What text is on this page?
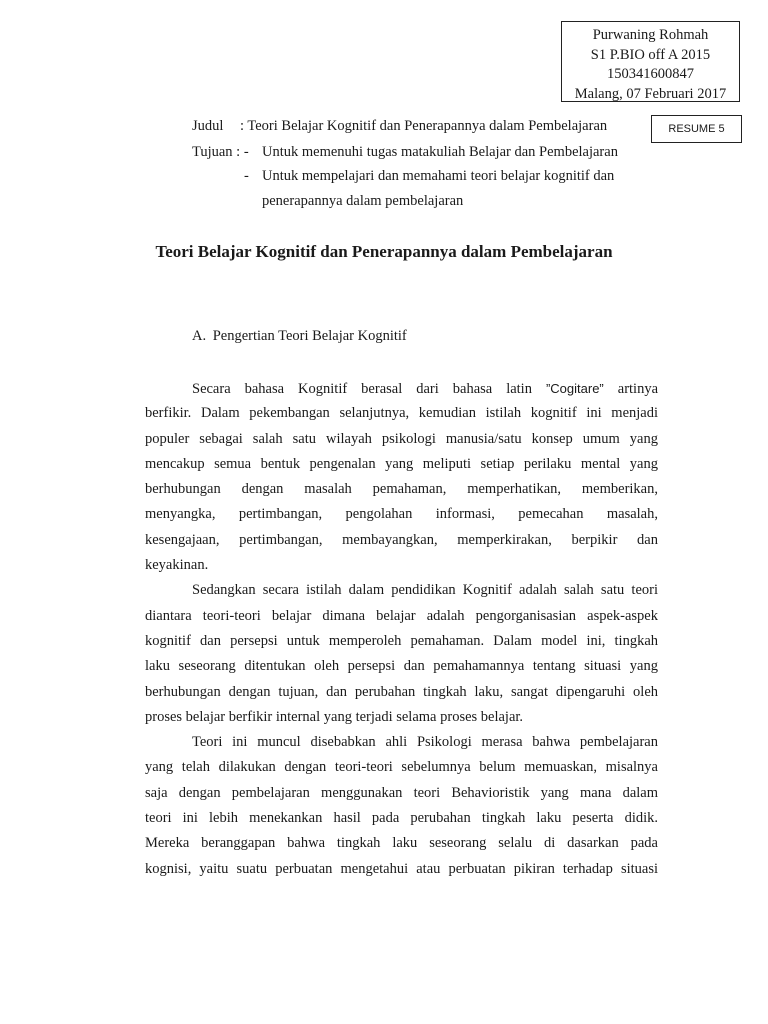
Purwaning Rohmah
S1 P.BIO off A 2015
150341600847
Malang, 07 Februari 2017
RESUME 5
Judul : Teori Belajar Kognitif dan Penerapannya dalam Pembelajaran
Tujuan : - Untuk memenuhi tugas matakuliah Belajar dan Pembelajaran
- Untuk mempelajari dan memahami teori belajar kognitif dan
penerapannya dalam pembelajaran
Teori Belajar Kognitif dan Penerapannya dalam Pembelajaran
A. Pengertian Teori Belajar Kognitif
Secara bahasa Kognitif berasal dari bahasa latin ”Cogitare” artinya
berfikir. Dalam pekembangan selanjutnya, kemudian istilah kognitif ini menjadi
populer sebagai salah satu wilayah psikologi manusia/satu konsep umum yang
mencakup semua bentuk pengenalan yang meliputi setiap perilaku mental yang
berhubungan dengan masalah pemahaman, memperhatikan, memberikan,
menyangka, pertimbangan, pengolahan informasi, pemecahan masalah,
kesengajaan, pertimbangan, membayangkan, memperkirakan, berpikir dan
keyakinan.
Sedangkan secara istilah dalam pendidikan Kognitif adalah salah satu teori
diantara teori-teori belajar dimana belajar adalah pengorganisasian aspek-aspek
kognitif dan persepsi untuk memperoleh pemahaman. Dalam model ini, tingkah
laku seseorang ditentukan oleh persepsi dan pemahamannya tentang situasi yang
berhubungan dengan tujuan, dan perubahan tingkah laku, sangat dipengaruhi oleh
proses belajar berfikir internal yang terjadi selama proses belajar.
Teori ini muncul disebabkan ahli Psikologi merasa bahwa pembelajaran
yang telah dilakukan dengan teori-teori sebelumnya belum memuaskan, misalnya
saja dengan pembelajaran menggunakan teori Behavioristik yang mana dalam
teori ini lebih menekankan hasil pada perubahan tingkah laku peserta didik.
Mereka beranggapan bahwa tingkah laku seseorang selalu di dasarkan pada
kognisi, yaitu suatu perbuatan mengetahui atau perbuatan pikiran terhadap situasi
